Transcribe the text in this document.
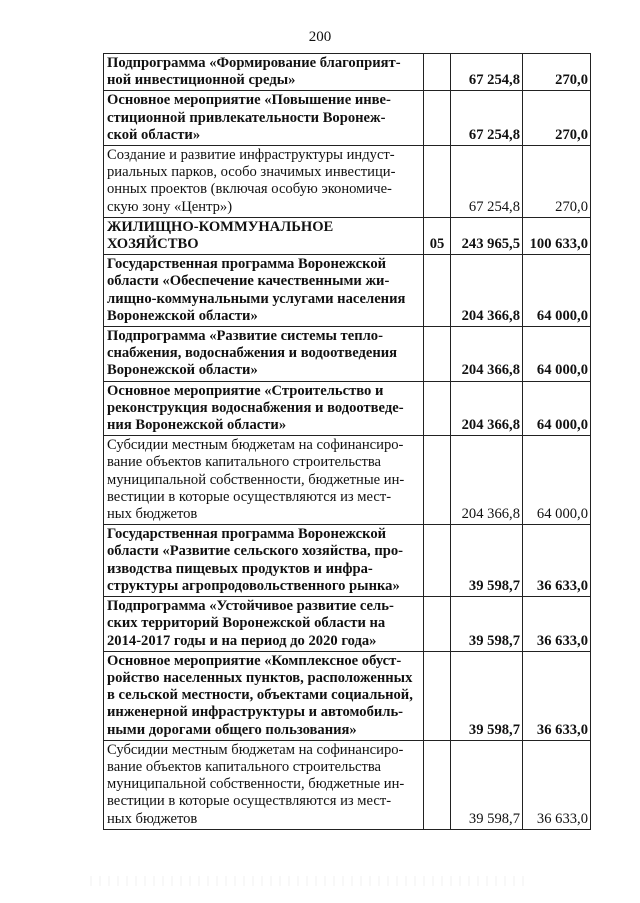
200
Подпрограмма «Формирование благоприят-
ной инвестиционной среды»		67 254,8	270,0

Основное мероприятие «Повышение инве-
стиционной привлекательности Воронеж-
ской области»		67 254,8	270,0

Создание и развитие инфраструктуры индуст-
риальных парков, особо значимых инвестици-
онных проектов (включая особую экономиче-
скую зону «Центр»)		67 254,8	270,0

ЖИЛИЩНО-КОММУНАЛЬНОЕ
ХОЗЯЙСТВО	05	243 965,5	100 633,0

Государственная программа Воронежской
области «Обеспечение качественными жи-
лищно-коммунальными услугами населения
Воронежской области»		204 366,8	64 000,0

Подпрограмма «Развитие системы тепло-
снабжения, водоснабжения и водоотведения
Воронежской области»		204 366,8	64 000,0

Основное мероприятие «Строительство и
реконструкция водоснабжения и водоотведе-
ния Воронежской области»		204 366,8	64 000,0

Субсидии местным бюджетам на софинансиро-
вание объектов капитального строительства
муниципальной собственности, бюджетные ин-
вестиции в которые осуществляются из мест-
ных бюджетов		204 366,8	64 000,0

Государственная программа Воронежской
области «Развитие сельского хозяйства, про-
изводства пищевых продуктов и инфра-
структуры агропродовольственного рынка»		39 598,7	36 633,0

Подпрограмма «Устойчивое развитие сель-
ских территорий Воронежской области на
2014-2017 годы и на период до 2020 года»		39 598,7	36 633,0

Основное мероприятие «Комплексное обуст-
ройство населенных пунктов, расположенных
в сельской местности, объектами социальной,
инженерной инфраструктуры и автомобиль-
ными дорогами общего пользования»		39 598,7	36 633,0

Субсидии местным бюджетам на софинансиро-
вание объектов капитального строительства
муниципальной собственности, бюджетные ин-
вестиции в которые осуществляются из мест-
ных бюджетов		39 598,7	36 633,0
